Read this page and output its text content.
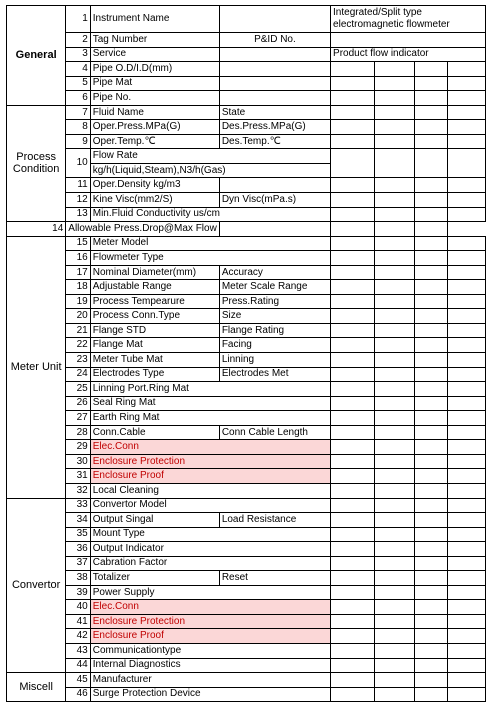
General	1	Instrument Name		Integrated/Split type electromagnetic flowmeter			
	2	Tag Number	P&ID No.				
	3	Service		Product flow indicator			
	4	Pipe O.D/I.D(mm)					
	5	Pipe Mat					
	6	Pipe No.					
Process Condition	7	Fluid Name	State				
	8	Oper.Press.MPa(G)	Des.Press.MPa(G)				
	9	Oper.Temp.℃	Des.Temp.℃				
	10	Flow Rate					
		kg/h(Liquid,Steam),N3/h(Gas)					
	11	Oper.Density kg/m3					
	12	Kine Visc(mm2/S)	Dyn Visc(mPa.s)				
	13	Min.Fluid Conductivity us/cm					
14	Allowable Press.Drop@Max Flow						
Meter Unit	15	Meter Model					
	16	Flowmeter Type					
	17	Nominal Diameter(mm)	Accuracy				
	18	Adjustable Range	Meter Scale Range				
	19	Process Tempearure	Press.Rating				
	20	Process Conn.Type	Size				
	21	Flange STD	Flange Rating				
	22	Flange Mat	Facing				
	23	Meter Tube Mat	Linning				
	24	Electrodes Type	Electrodes Met				
	25	Linning Port.Ring Mat					
	26	Seal Ring Mat					
	27	Earth Ring Mat					
	28	Conn.Cable	Conn Cable Length				
	29	Elec.Conn					
	30	Enclosure Protection					
	31	Enclosure Proof					
	32	Local Cleaning					
Convertor	33	Convertor Model					
	34	Output Singal	Load Resistance				
	35	Mount Type					
	36	Output Indicator					
	37	Cabration Factor					
	38	Totalizer	Reset				
	39	Power Supply					
	40	Elec.Conn					
	41	Enclosure Protection					
	42	Enclosure Proof					
	43	Communicationtype					
	44	Internal Diagnostics					
Miscell	45	Manufacturer					
	46	Surge Protection Device					
